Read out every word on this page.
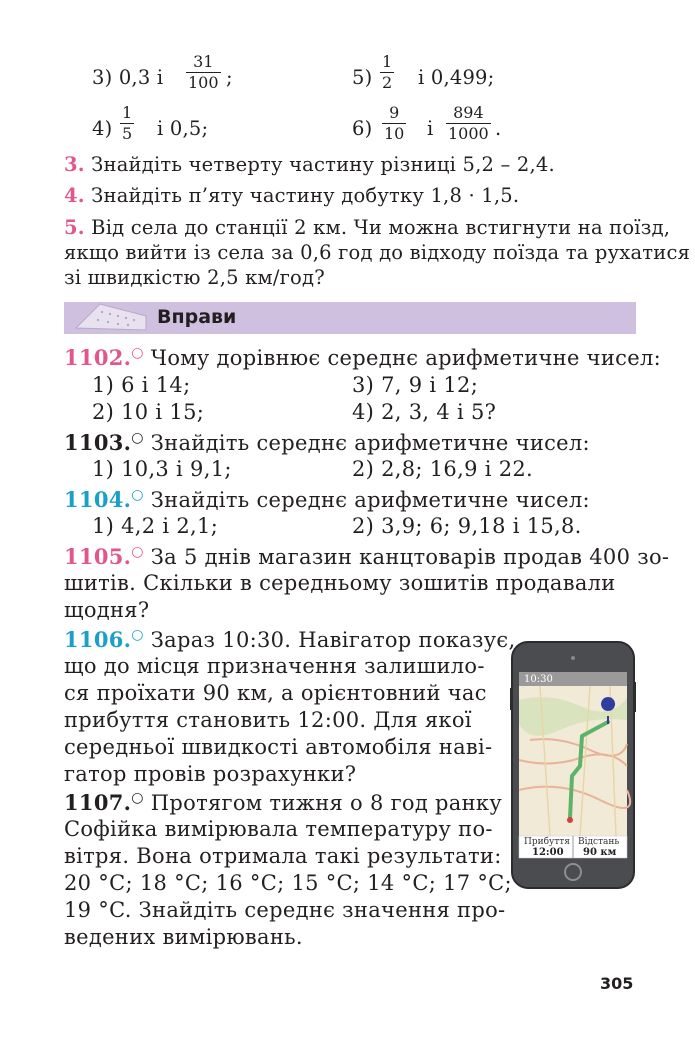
3) 0,3 і $\frac{31}{100}$ ;	$5) \frac{1}{2}$ і 0,499;
$4) \frac{1}{5}$ і 0,5;	$6) \frac{9}{10}$ і $\frac{894}{1000}$ .
3. Знайдіть четверту частину різниці 5,2 – 2,4.
4. Знайдіть п’яту частину добутку 1,8 · 1,5.
5. Від села до станції 2 км. Чи можна встигнути на поїзд,
якщо вийти із села за 0,6 год до відходу поїзда та рухатися
зі швидкістю 2,5 км/год?
Вправи
1102.○ Чому дорівнює середнє арифметичне чисел:
1) 6 і 14;	3) 7, 9 і 12;
2) 10 і 15;	4) 2, 3, 4 і 5?
1103.○ Знайдіть середнє арифметичне чисел:
1) 10,3 і 9,1;	2) 2,8; 16,9 і 22.
1104.○ Знайдіть середнє арифметичне чисел:
1) 4,2 і 2,1;	2) 3,9; 6; 9,18 і 15,8.
1105.○ За 5 днів магазин канцтоварів продав 400 зо-
шитів. Скільки в середньому зошитів продавали
щодня?
1106.○ Зараз 10:30. Навігатор показує,
що до місця призначення залишило-
ся проїхати 90 км, а орієнтовний час
прибуття становить 12:00. Для якої
середньої швидкості автомобіля наві-
гатор провів розрахунки?
1107.○ Протягом тижня о 8 год ранку
Софійка вимірювала температуру по-
вітря. Вона отримала такі результати:
20 °C; 18 °C; 16 °C; 15 °C; 14 °C; 17 °C;
19 °C. Знайдіть середнє значення про-
ведених вимірювань.
10:30
Прибуття
12:00
Відстань
90 км
305
